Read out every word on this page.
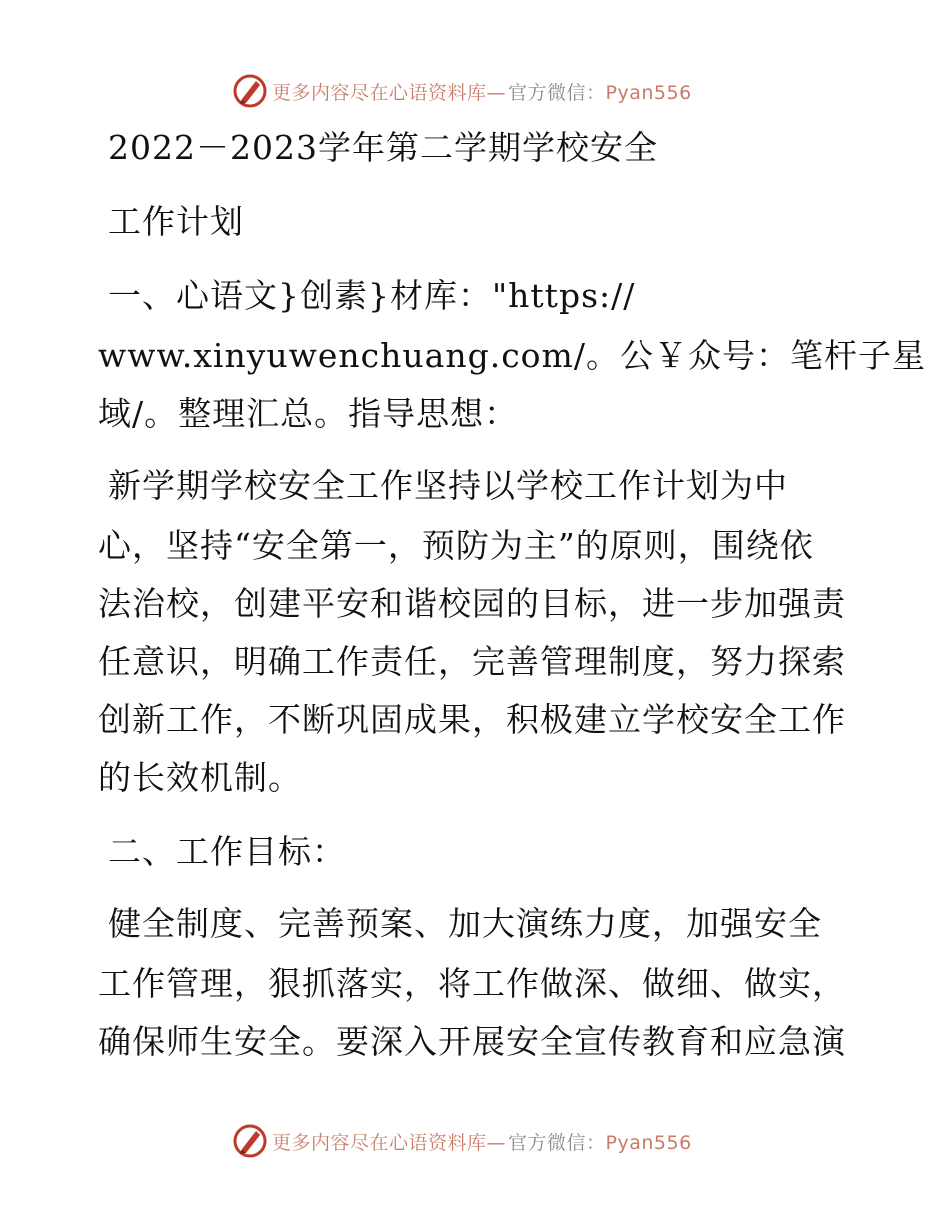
更多内容尽在心语资料库— 官方微信：Pyan556
2022－2023学年第二学期学校安全
工作计划
一、心语文}创素}材库："https://
www.xinyuwenchuang.com/。公￥众号：笔杆子星
域/。整理汇总。指导思想：
新学期学校安全工作坚持以学校工作计划为中
心，坚持“安全第一，预防为主”的原则，围绕依
法治校，创建平安和谐校园的目标，进一步加强责
任意识，明确工作责任，完善管理制度，努力探索
创新工作，不断巩固成果，积极建立学校安全工作
的长效机制。
二、工作目标：
健全制度、完善预案、加大演练力度，加强安全
工作管理，狠抓落实，将工作做深、做细、做实，
确保师生安全。要深入开展安全宣传教育和应急演
更多内容尽在心语资料库— 官方微信：Pyan556
